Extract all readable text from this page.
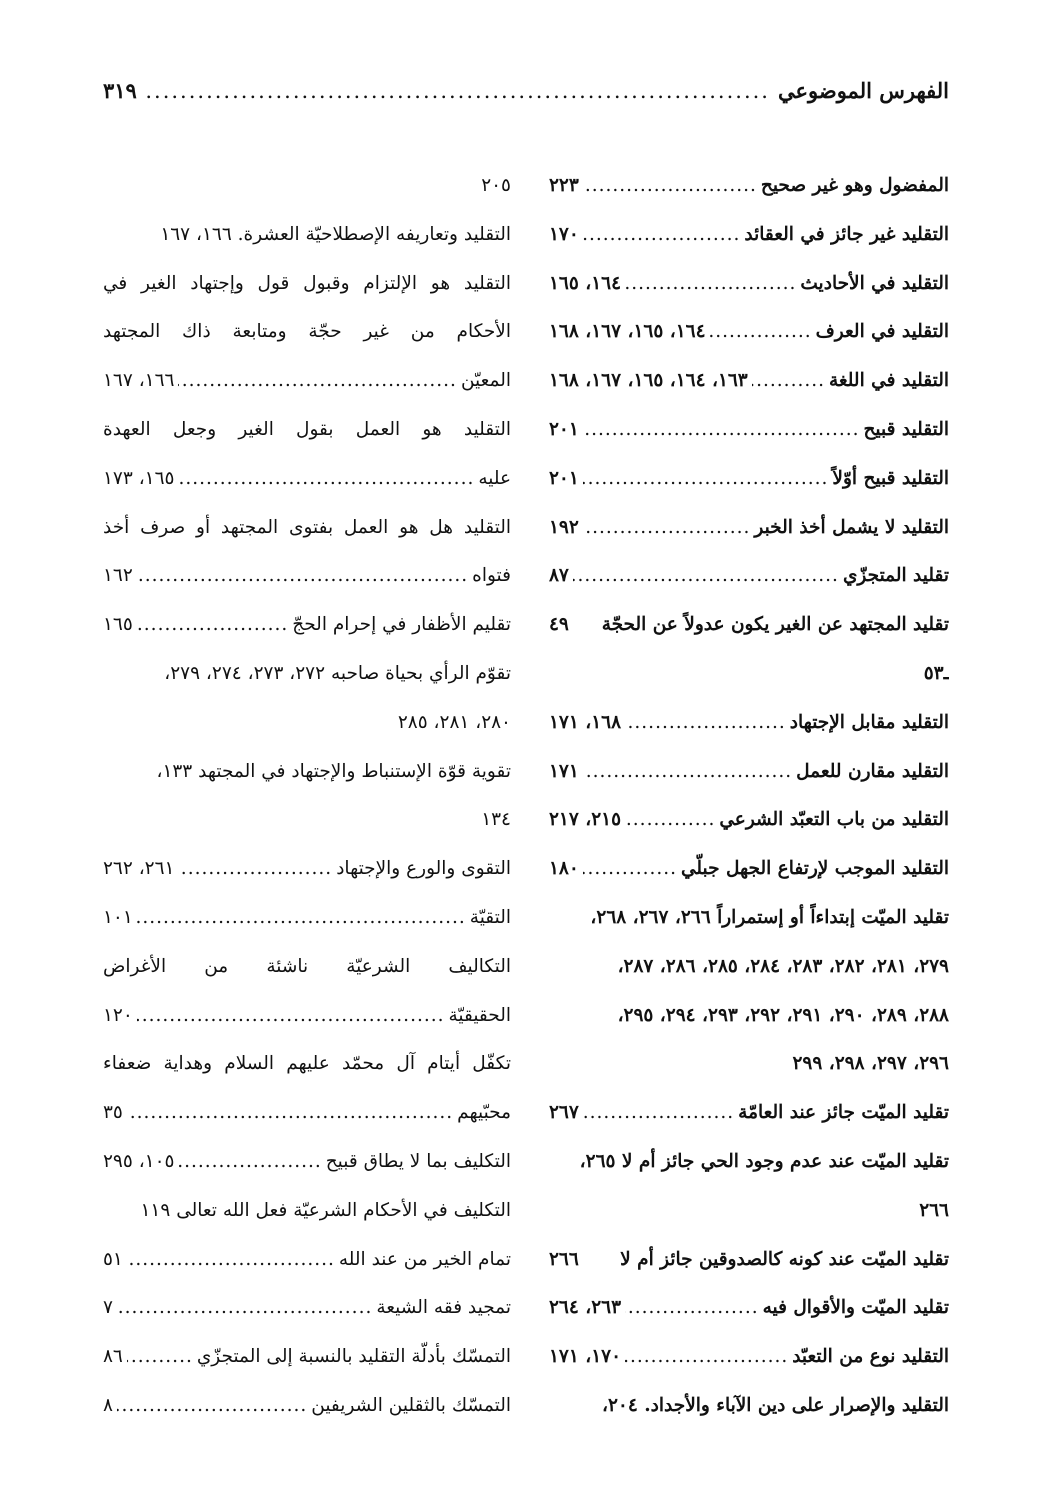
الفهرس الموضوعي
.....
٣١٩
المفضول وهو غير صحيح
.....
٢٢٣
التقليد غير جائز في العقائد
.....
١٧٠
التقليد في الأحاديث
.....
١٦٤، ١٦٥
التقليد في العرف
.....
١٦٤، ١٦٥، ١٦٧، ١٦٨
التقليد في اللغة
.....
١٦٣، ١٦٤، ١٦٥، ١٦٧، ١٦٨
التقليد قبيح
.....
٢٠١
التقليد قبيح أوّلاً
.....
٢٠١
التقليد لا يشمل أخذ الخبر
.....
١٩٢
تقليد المتجزّي
.....
٨٧
تقليد المجتهد عن الغير يكون عدولاً عن الحجّة
٤٩
ـ٥٣
التقليد مقابل الإجتهاد
.....
١٦٨، ١٧١
التقليد مقارن للعمل
.....
١٧١
التقليد من باب التعبّد الشرعي
.....
٢١٥، ٢١٧
التقليد الموجب لإرتفاع الجهل جبلّي
.....
١٨٠
تقليد الميّت إبتداءاً أو إستمراراً ٢٦٦، ٢٦٧، ٢٦٨،
٢٧٩، ٢٨١، ٢٨٢، ٢٨٣، ٢٨٤، ٢٨٥، ٢٨٦، ٢٨٧،
٢٨٨، ٢٨٩، ٢٩٠، ٢٩١، ٢٩٢، ٢٩٣، ٢٩٤، ٢٩٥،
٢٩٦، ٢٩٧، ٢٩٨، ٢٩٩
تقليد الميّت جائز عند العامّة
.....
٢٦٧
تقليد الميّت عند عدم وجود الحي جائز أم لا ٢٦٥،
٢٦٦
تقليد الميّت عند كونه كالصدوقين جائز أم لا
٢٦٦
تقليد الميّت والأقوال فيه
.....
٢٦٣، ٢٦٤
التقليد نوع من التعبّد
.....
١٧٠، ١٧١
التقليد والإصرار على دين الآباء والأجداد. ٢٠٤،
٢٠٥
التقليد وتعاريفه الإصطلاحيّة العشرة. ١٦٦، ١٦٧
التقليد هو الإلتزام وقبول قول وإجتهاد الغير في
الأحكام من غير حجّة ومتابعة ذاك المجتهد
المعيّن
.....
١٦٦، ١٦٧
التقليد هو العمل بقول الغير وجعل العهدة
عليه
.....
١٦٥، ١٧٣
التقليد هل هو العمل بفتوى المجتهد أو صرف أخذ
فتواه
.....
١٦٢
تقليم الأظفار في إحرام الحجّ
.....
١٦٥
تقوّم الرأي بحياة صاحبه ٢٧٢، ٢٧٣، ٢٧٤، ٢٧٩،
٢٨٠، ٢٨١، ٢٨٥
تقوية قوّة الإستنباط والإجتهاد في المجتهد ١٣٣،
١٣٤
التقوى والورع والإجتهاد
.....
٢٦١، ٢٦٢
التقيّة
.....
١٠١
التكاليف الشرعيّة ناشئة من الأغراض
الحقيقيّة
.....
١٢٠
تكفّل أيتام آل محمّد عليهم السلام وهداية ضعفاء
محبّيهم
.....
٣٥
التكليف بما لا يطاق قبيح
.....
١٠٥، ٢٩٥
التكليف في الأحكام الشرعيّة فعل الله تعالى ١١٩
تمام الخير من عند الله
.....
٥١
تمجيد فقه الشيعة
.....
٧
التمسّك بأدلّة التقليد بالنسبة إلى المتجزّي
.....
٨٦
التمسّك بالثقلين الشريفين
.....
٨
